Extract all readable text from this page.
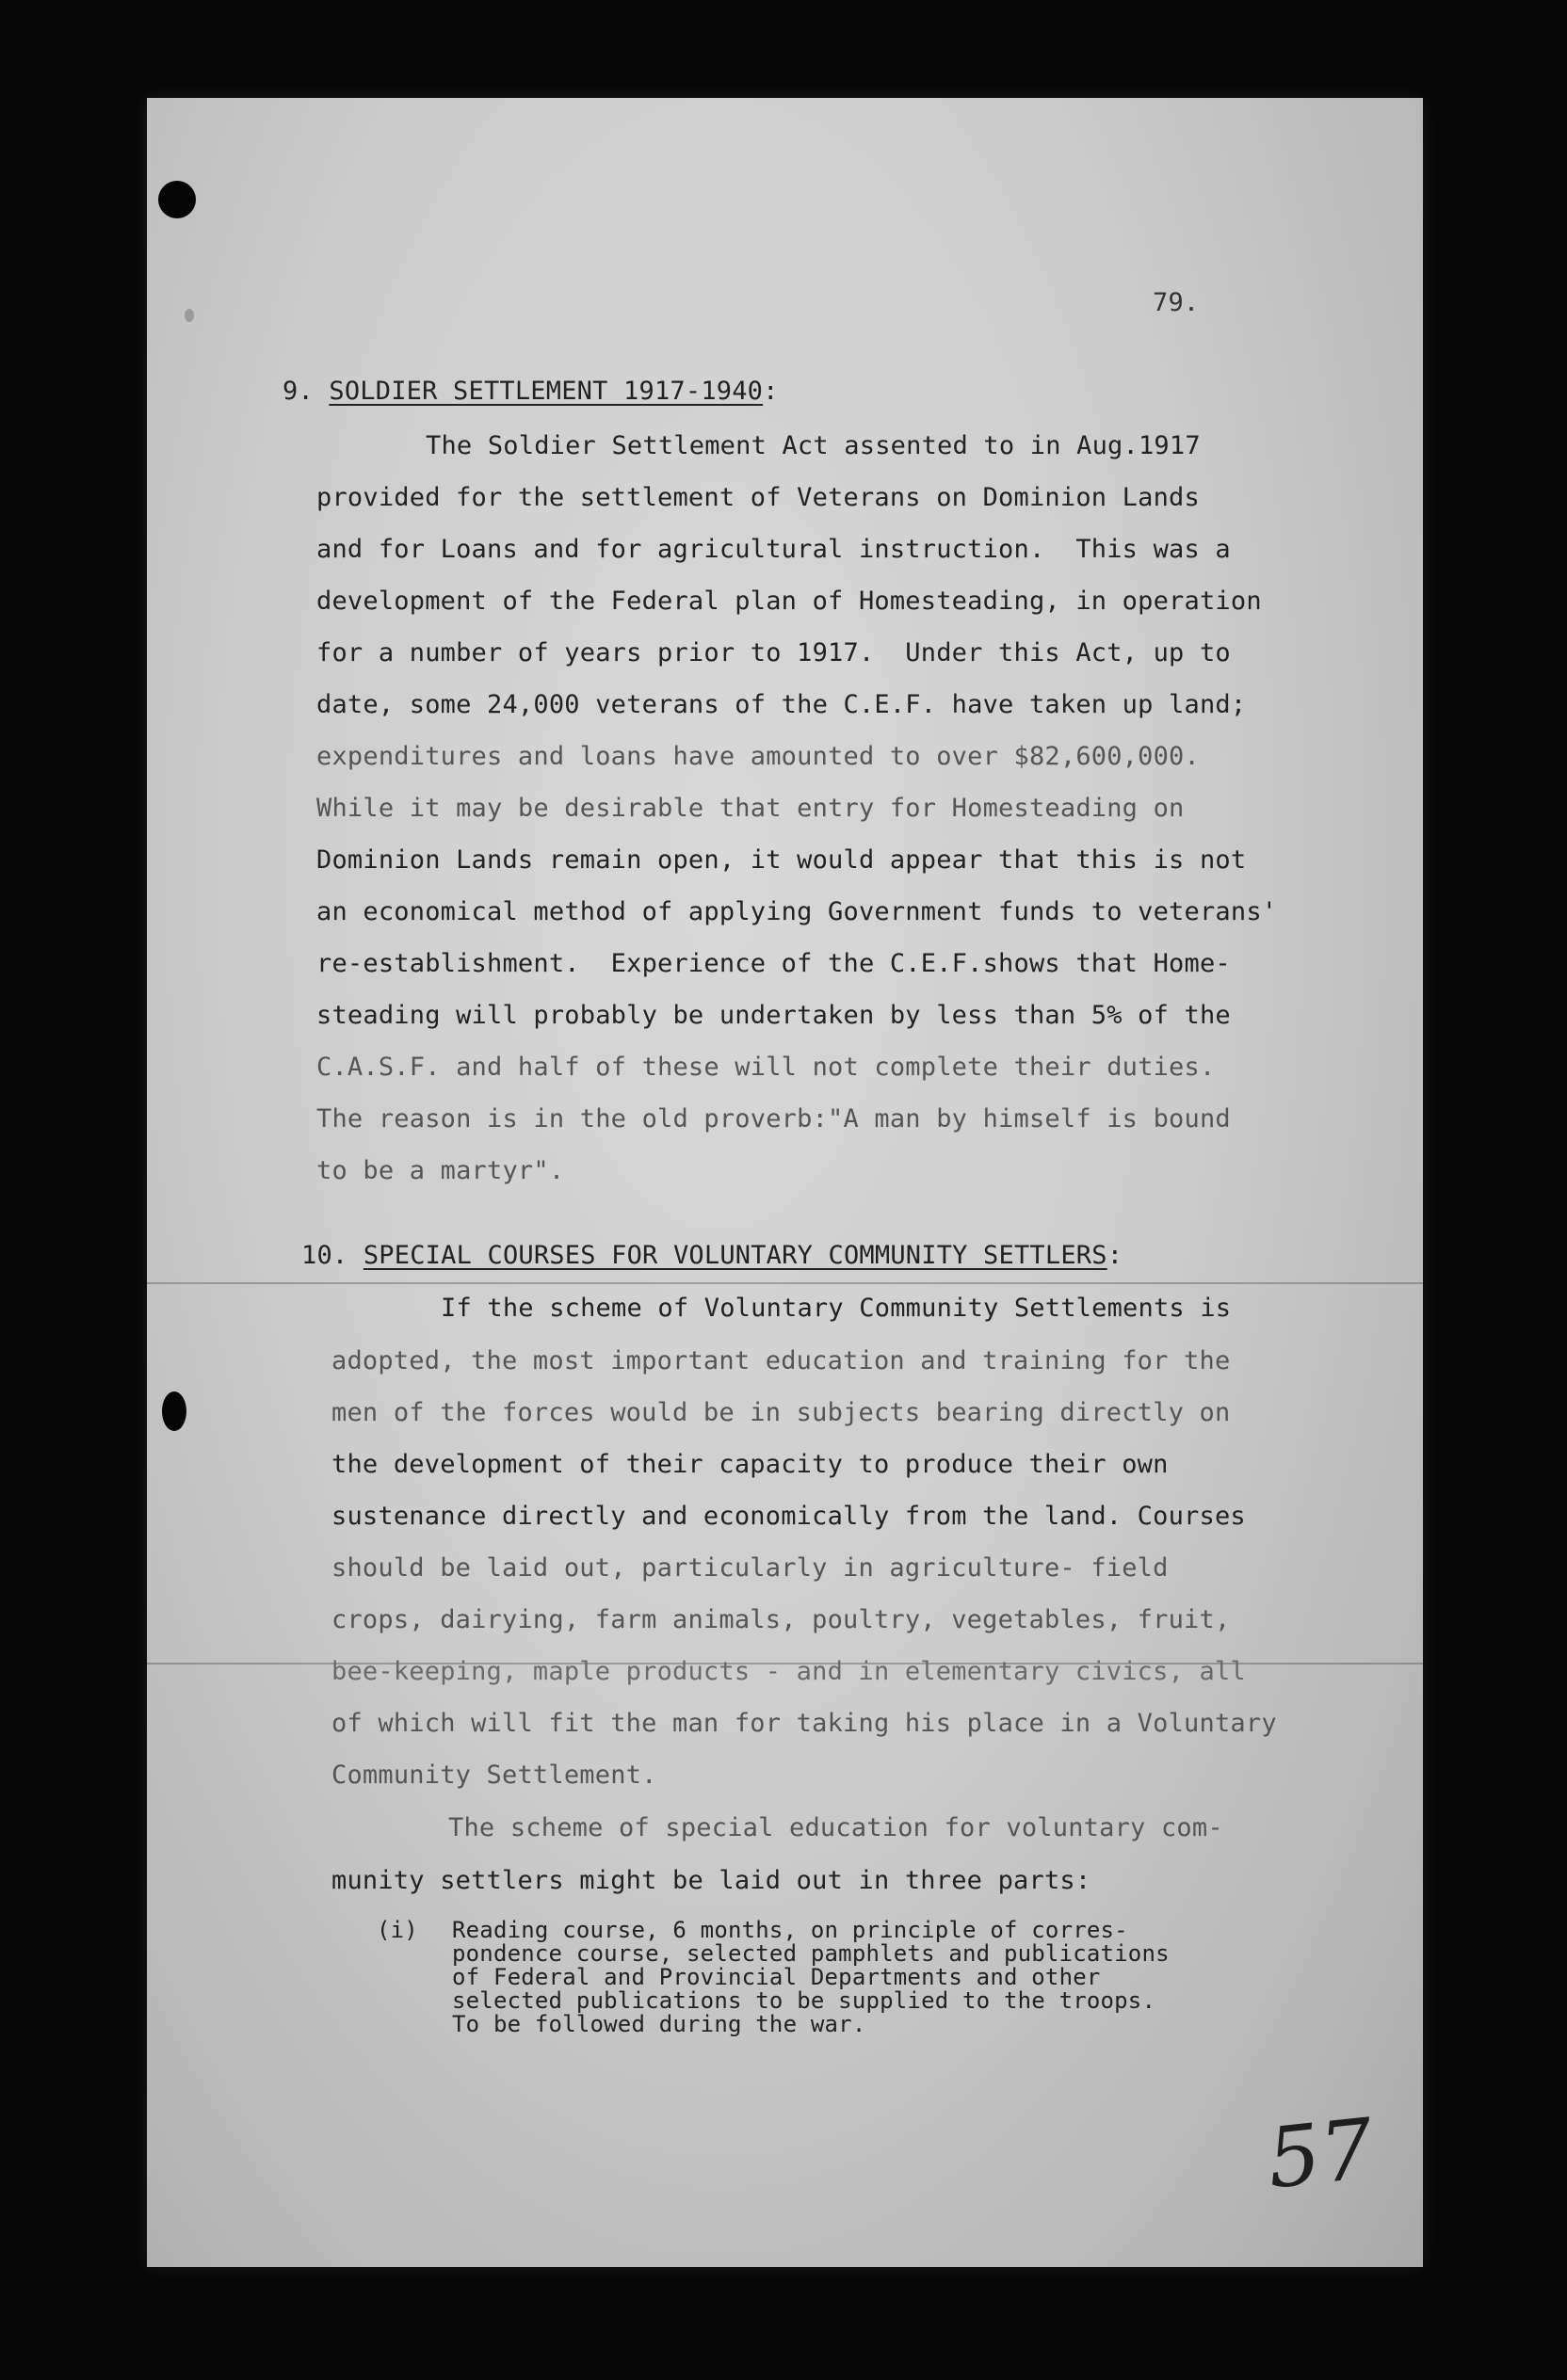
79.
9. SOLDIER SETTLEMENT 1917-1940:
The Soldier Settlement Act assented to in Aug.1917
provided for the settlement of Veterans on Dominion Lands
and for Loans and for agricultural instruction.  This was a
development of the Federal plan of Homesteading, in operation
for a number of years prior to 1917.  Under this Act, up to
date, some 24,000 veterans of the C.E.F. have taken up land;
expenditures and loans have amounted to over $82,600,000.
While it may be desirable that entry for Homesteading on
Dominion Lands remain open, it would appear that this is not
an economical method of applying Government funds to veterans'
re-establishment.  Experience of the C.E.F.shows that Home-
steading will probably be undertaken by less than 5% of the
C.A.S.F. and half of these will not complete their duties.
The reason is in the old proverb:"A man by himself is bound
to be a martyr".
10. SPECIAL COURSES FOR VOLUNTARY COMMUNITY SETTLERS:
If the scheme of Voluntary Community Settlements is
adopted, the most important education and training for the
men of the forces would be in subjects bearing directly on
the development of their capacity to produce their own
sustenance directly and economically from the land. Courses
should be laid out, particularly in agriculture- field
crops, dairying, farm animals, poultry, vegetables, fruit,
bee-keeping, maple products - and in elementary civics, all
of which will fit the man for taking his place in a Voluntary
Community Settlement.
The scheme of special education for voluntary com-
munity settlers might be laid out in three parts:
(i) Reading course, 6 months, on principle of corres-
pondence course, selected pamphlets and publications
of Federal and Provincial Departments and other
selected publications to be supplied to the troops.
To be followed during the war.
57
